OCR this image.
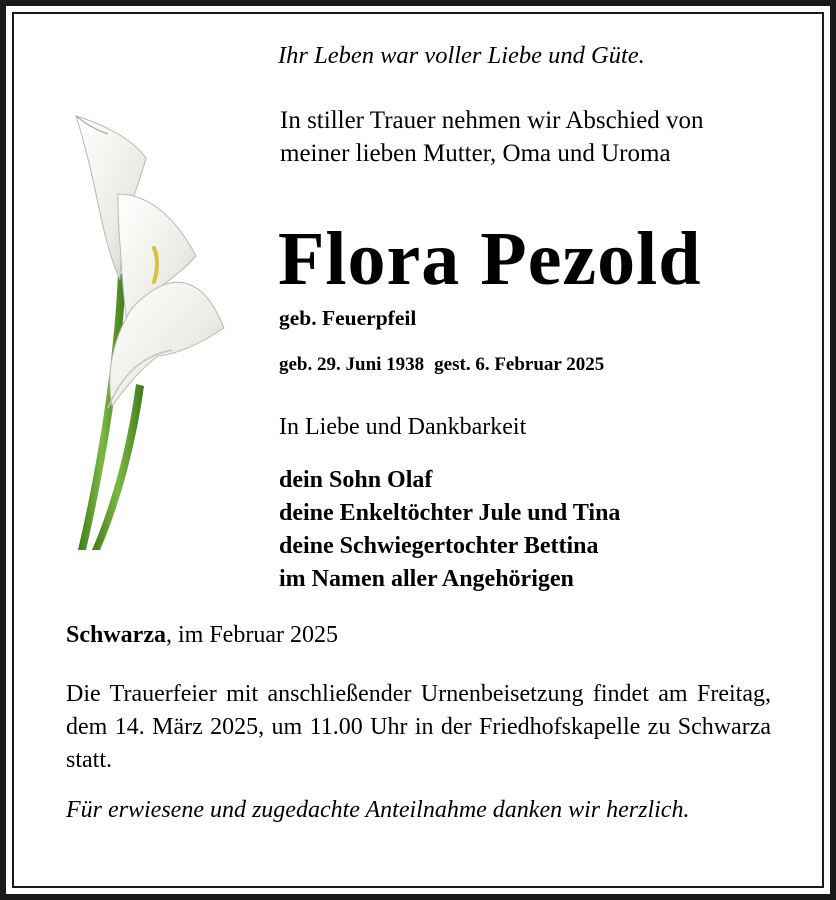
Ihr Leben war voller Liebe und Güte.
In stiller Trauer nehmen wir Abschied von
meiner lieben Mutter, Oma und Uroma
Flora Pezold
geb. Feuerpfeil
geb. 29. Juni 1938 gest. 6. Februar 2025
In Liebe und Dankbarkeit
dein Sohn Olaf
deine Enkeltöchter Jule und Tina
deine Schwiegertochter Bettina
im Namen aller Angehörigen
Schwarza, im Februar 2025
Die Trauerfeier mit anschließender Urnenbeisetzung findet am Freitag, dem 14. März 2025, um 11.00 Uhr in der Friedhofskapelle zu Schwarza statt.
Für erwiesene und zugedachte Anteilnahme danken wir herzlich.
